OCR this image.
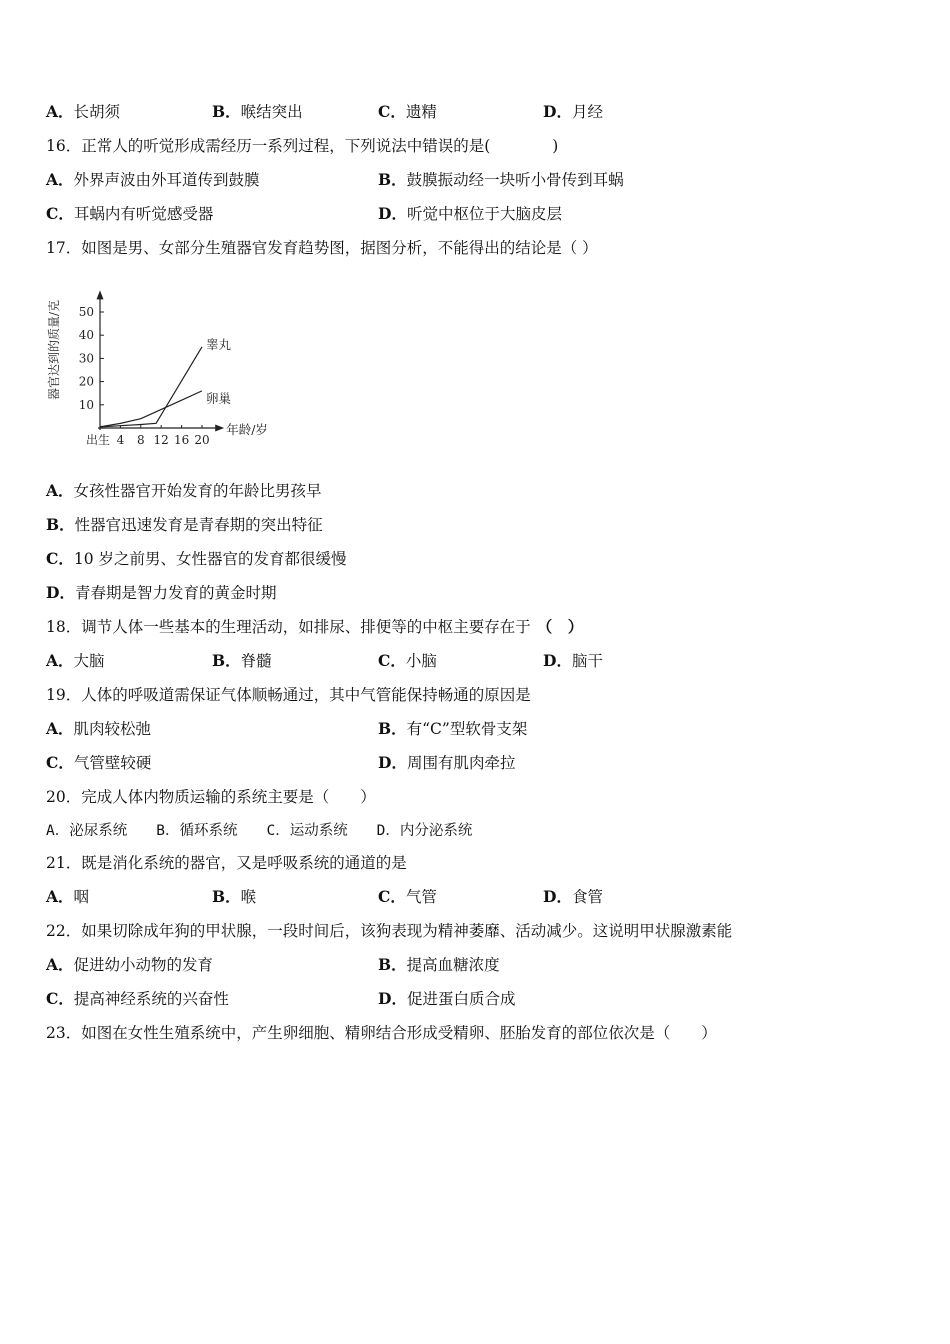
A．长胡须	B．喉结突出	C．遗精	D．月经
16．正常人的听觉形成需经历一系列过程，下列说法中错误的是(　　　　)
A．外界声波由外耳道传到鼓膜	B．鼓膜振动经一块听小骨传到耳蜗
C．耳蜗内有听觉感受器	D．听觉中枢位于大脑皮层
17．如图是男、女部分生殖器官发育趋势图，据图分析，不能得出的结论是（ ）
10
20
30
40
50
出生 4 8 12 16 20
睾丸
卵巢
年龄/岁
器官达到的质量/克
A．女孩性器官开始发育的年龄比男孩早
B．性器官迅速发育是青春期的突出特征
C．10 岁之前男、女性器官的发育都很缓慢
D．青春期是智力发育的黄金时期
18．调节人体一些基本的生理活动，如排尿、排便等的中枢主要存在于 （　）
A．大脑	B．脊髓	C．小脑	D．脑干
19．人体的呼吸道需保证气体顺畅通过，其中气管能保持畅通的原因是
A．肌肉较松弛	B．有“C”型软骨支架
C．气管壁较硬	D．周围有肌肉牵拉
20．完成人体内物质运输的系统主要是（　　）
A．泌尿系统　　B．循环系统　　C．运动系统　　D．内分泌系统
21．既是消化系统的器官，又是呼吸系统的通道的是
A．咽	B．喉	C．气管	D．食管
22．如果切除成年狗的甲状腺，一段时间后，该狗表现为精神萎靡、活动减少。这说明甲状腺激素能
A．促进幼小动物的发育	B．提高血糖浓度
C．提高神经系统的兴奋性	D．促进蛋白质合成
23．如图在女性生殖系统中，产生卵细胞、精卵结合形成受精卵、胚胎发育的部位依次是（　　）
